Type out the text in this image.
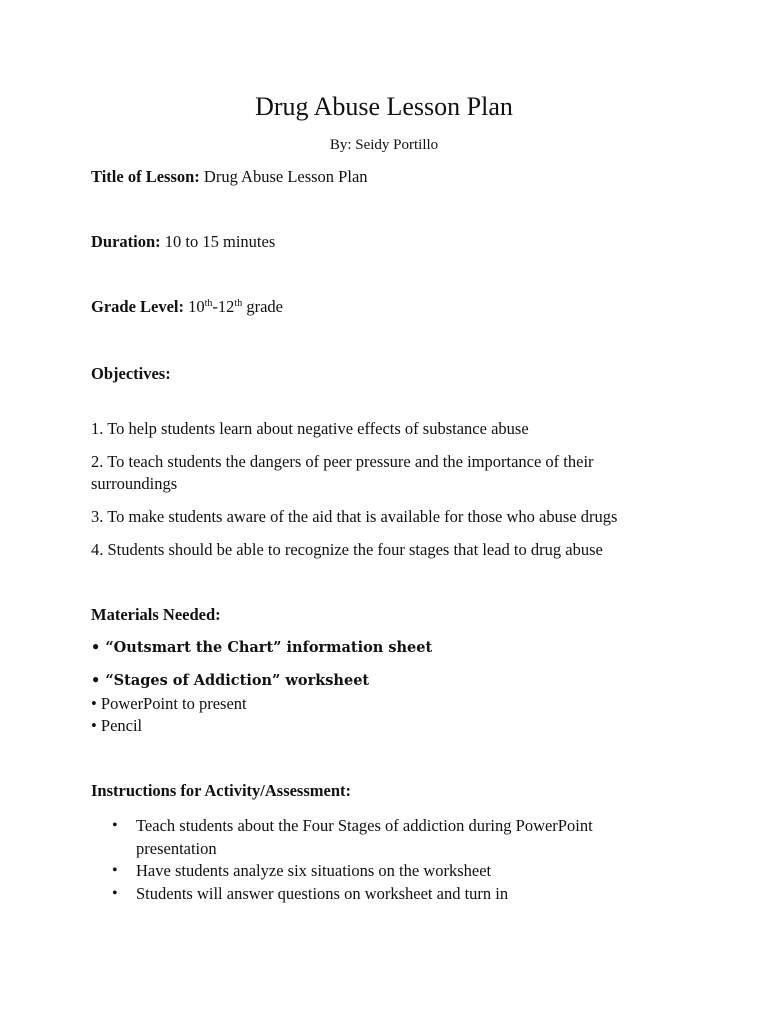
Drug Abuse Lesson Plan
By: Seidy Portillo
Title of Lesson: Drug Abuse Lesson Plan
Duration: 10 to 15 minutes
Grade Level: 10th-12th grade
Objectives:
1. To help students learn about negative effects of substance abuse
2. To teach students the dangers of peer pressure and the importance of their surroundings
3. To make students aware of the aid that is available for those who abuse drugs
4. Students should be able to recognize the four stages that lead to drug abuse
Materials Needed:
• “Outsmart the Chart” information sheet
• “Stages of Addiction” worksheet
• PowerPoint to present
• Pencil
Instructions for Activity/Assessment:
• Teach students about the Four Stages of addiction during PowerPoint presentation
• Have students analyze six situations on the worksheet
• Students will answer questions on worksheet and turn in
